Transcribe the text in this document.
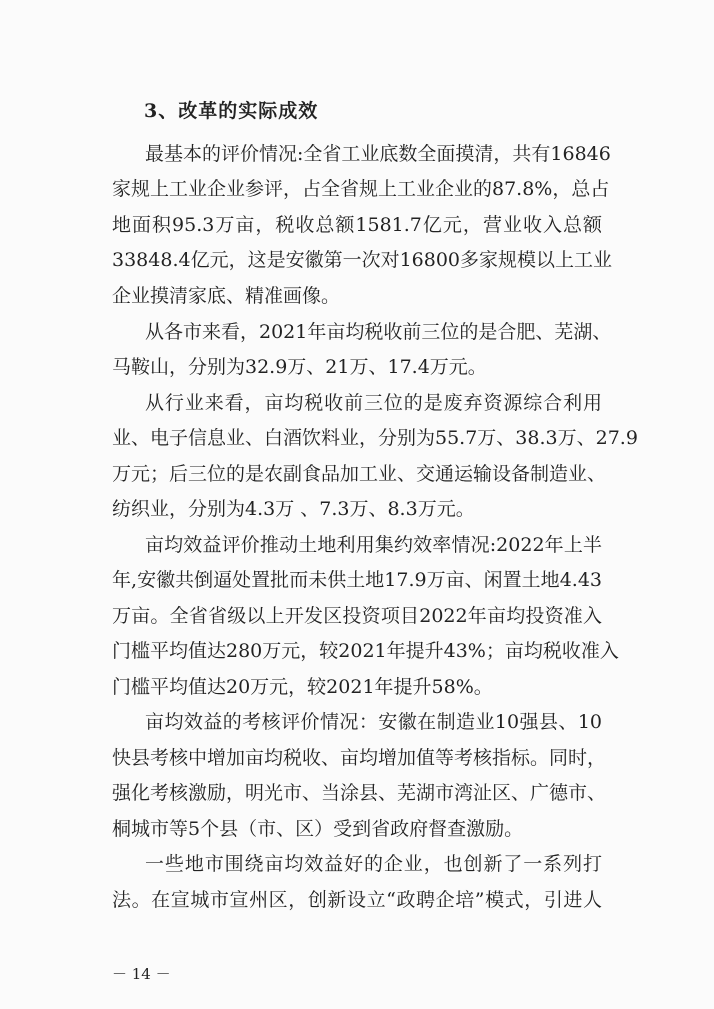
3、改革的实际成效
最基本的评价情况:全省工业底数全面摸清，共有16846
家规上工业企业参评，占全省规上工业企业的87.8%，总占
地面积95.3万亩，税收总额1581.7亿元，营业收入总额
33848.4亿元，这是安徽第一次对16800多家规模以上工业
企业摸清家底、精准画像。
从各市来看，2021年亩均税收前三位的是合肥、芜湖、
马鞍山，分别为32.9万、21万、17.4万元。
从行业来看，亩均税收前三位的是废弃资源综合利用
业、电子信息业、白酒饮料业，分别为55.7万、38.3万、27.9
万元；后三位的是农副食品加工业、交通运输设备制造业、
纺织业，分别为4.3万 、7.3万、8.3万元。
亩均效益评价推动土地利用集约效率情况:2022年上半
年,安徽共倒逼处置批而未供土地17.9万亩、闲置土地4.43
万亩。全省省级以上开发区投资项目2022年亩均投资准入
门槛平均值达280万元，较2021年提升43%；亩均税收准入
门槛平均值达20万元，较2021年提升58%。
亩均效益的考核评价情况：安徽在制造业10强县、10
快县考核中增加亩均税收、亩均增加值等考核指标。同时，
强化考核激励，明光市、当涂县、芜湖市湾沚区、广德市、
桐城市等5个县（市、区）受到省政府督查激励。
一些地市围绕亩均效益好的企业，也创新了一系列打
法。在宣城市宣州区，创新设立“政聘企培”模式，引进人
－ 14 －
